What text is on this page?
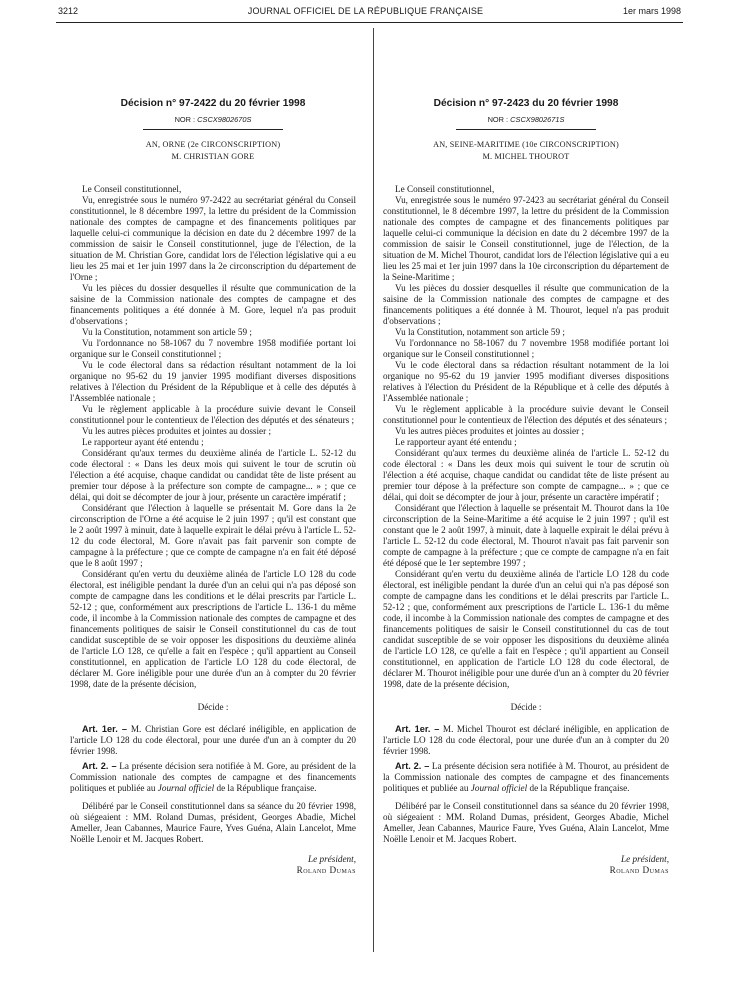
3212	JOURNAL OFFICIEL DE LA RÉPUBLIQUE FRANÇAISE	1er mars 1998
Décision n° 97-2422 du 20 février 1998
NOR : CSCX9802670S
AN, ORNE (2e CIRCONSCRIPTION)
M. CHRISTIAN GORE

Le Conseil constitutionnel,

Vu, enregistrée sous le numéro 97-2422 au secrétariat général du Conseil constitutionnel, le 8 décembre 1997, la lettre du président de la Commission nationale des comptes de campagne et des financements politiques par laquelle celui-ci communique la décision en date du 2 décembre 1997 de la commission de saisir le Conseil constitutionnel, juge de l'élection, de la situation de M. Christian Gore, candidat lors de l'élection législative qui a eu lieu les 25 mai et 1er juin 1997 dans la 2e circonscription du département de l'Orne ;

Vu les pièces du dossier desquelles il résulte que communication de la saisine de la Commission nationale des comptes de campagne et des financements politiques a été donnée à M. Gore, lequel n'a pas produit d'observations ;

Vu la Constitution, notamment son article 59 ;

Vu l'ordonnance no 58-1067 du 7 novembre 1958 modifiée portant loi organique sur le Conseil constitutionnel ;

Vu le code électoral dans sa rédaction résultant notamment de la loi organique no 95-62 du 19 janvier 1995 modifiant diverses dispositions relatives à l'élection du Président de la République et à celle des députés à l'Assemblée nationale ;

Vu le règlement applicable à la procédure suivie devant le Conseil constitutionnel pour le contentieux de l'élection des députés et des sénateurs ;

Vu les autres pièces produites et jointes au dossier ;

Le rapporteur ayant été entendu ;

Considérant qu'aux termes du deuxième alinéa de l'article L. 52-12 du code électoral : « Dans les deux mois qui suivent le tour de scrutin où l'élection a été acquise, chaque candidat ou candidat tête de liste présent au premier tour dépose à la préfecture son compte de campagne... » ; que ce délai, qui doit se décompter de jour à jour, présente un caractère impératif ;

Considérant que l'élection à laquelle se présentait M. Gore dans la 2e circonscription de l'Orne a été acquise le 2 juin 1997 ; qu'il est constant que le 2 août 1997 à minuit, date à laquelle expirait le délai prévu à l'article L. 52-12 du code électoral, M. Gore n'avait pas fait parvenir son compte de campagne à la préfecture ; que ce compte de campagne n'a en fait été déposé que le 8 août 1997 ;

Considérant qu'en vertu du deuxième alinéa de l'article LO 128 du code électoral, est inéligible pendant la durée d'un an celui qui n'a pas déposé son compte de campagne dans les conditions et le délai prescrits par l'article L. 52-12 ; que, conformément aux prescriptions de l'article L. 136-1 du même code, il incombe à la Commission nationale des comptes de campagne et des financements politiques de saisir le Conseil constitutionnel du cas de tout candidat susceptible de se voir opposer les dispositions du deuxième alinéa de l'article LO 128, ce qu'elle a fait en l'espèce ; qu'il appartient au Conseil constitutionnel, en application de l'article LO 128 du code électoral, de déclarer M. Gore inéligible pour une durée d'un an à compter du 20 février 1998, date de la présente décision,

Décide :

Art. 1er. – M. Christian Gore est déclaré inéligible, en application de l'article LO 128 du code électoral, pour une durée d'un an à compter du 20 février 1998.

Art. 2. – La présente décision sera notifiée à M. Gore, au président de la Commission nationale des comptes de campagne et des financements politiques et publiée au Journal officiel de la République française.

Délibéré par le Conseil constitutionnel dans sa séance du 20 février 1998, où siégeaient : MM. Roland Dumas, président, Georges Abadie, Michel Ameller, Jean Cabannes, Maurice Faure, Yves Guéna, Alain Lancelot, Mme Noëlle Lenoir et M. Jacques Robert.

Le président,
Roland Dumas
Décision n° 97-2423 du 20 février 1998
NOR : CSCX9802671S
AN, SEINE-MARITIME (10e CIRCONSCRIPTION)
M. MICHEL THOUROT

Le Conseil constitutionnel,

Vu, enregistrée sous le numéro 97-2423 au secrétariat général du Conseil constitutionnel, le 8 décembre 1997, la lettre du président de la Commission nationale des comptes de campagne et des financements politiques par laquelle celui-ci communique la décision en date du 2 décembre 1997 de la commission de saisir le Conseil constitutionnel, juge de l'élection, de la situation de M. Michel Thourot, candidat lors de l'élection législative qui a eu lieu les 25 mai et 1er juin 1997 dans la 10e circonscription du département de la Seine-Maritime ;

Vu les pièces du dossier desquelles il résulte que communication de la saisine de la Commission nationale des comptes de campagne et des financements politiques a été donnée à M. Thourot, lequel n'a pas produit d'observations ;

Vu la Constitution, notamment son article 59 ;

Vu l'ordonnance no 58-1067 du 7 novembre 1958 modifiée portant loi organique sur le Conseil constitutionnel ;

Vu le code électoral dans sa rédaction résultant notamment de la loi organique no 95-62 du 19 janvier 1995 modifiant diverses dispositions relatives à l'élection du Président de la République et à celle des députés à l'Assemblée nationale ;

Vu le règlement applicable à la procédure suivie devant le Conseil constitutionnel pour le contentieux de l'élection des députés et des sénateurs ;

Vu les autres pièces produites et jointes au dossier ;

Le rapporteur ayant été entendu ;

Considérant qu'aux termes du deuxième alinéa de l'article L. 52-12 du code électoral : « Dans les deux mois qui suivent le tour de scrutin où l'élection a été acquise, chaque candidat ou candidat tête de liste présent au premier tour dépose à la préfecture son compte de campagne... » ; que ce délai, qui doit se décompter de jour à jour, présente un caractère impératif ;

Considérant que l'élection à laquelle se présentait M. Thourot dans la 10e circonscription de la Seine-Maritime a été acquise le 2 juin 1997 ; qu'il est constant que le 2 août 1997, à minuit, date à laquelle expirait le délai prévu à l'article L. 52-12 du code électoral, M. Thourot n'avait pas fait parvenir son compte de campagne à la préfecture ; que ce compte de campagne n'a en fait été déposé que le 1er septembre 1997 ;

Considérant qu'en vertu du deuxième alinéa de l'article LO 128 du code électoral, est inéligible pendant la durée d'un an celui qui n'a pas déposé son compte de campagne dans les conditions et le délai prescrits par l'article L. 52-12 ; que, conformément aux prescriptions de l'article L. 136-1 du même code, il incombe à la Commission nationale des comptes de campagne et des financements politiques de saisir le Conseil constitutionnel du cas de tout candidat susceptible de se voir opposer les dispositions du deuxième alinéa de l'article LO 128, ce qu'elle a fait en l'espèce ; qu'il appartient au Conseil constitutionnel, en application de l'article LO 128 du code électoral, de déclarer M. Thourot inéligible pour une durée d'un an à compter du 20 février 1998, date de la présente décision,

Décide :

Art. 1er. – M. Michel Thourot est déclaré inéligible, en application de l'article LO 128 du code électoral, pour une durée d'un an à compter du 20 février 1998.

Art. 2. – La présente décision sera notifiée à M. Thourot, au président de la Commission nationale des comptes de campagne et des financements politiques et publiée au Journal officiel de la République française.

Délibéré par le Conseil constitutionnel dans sa séance du 20 février 1998, où siégeaient : MM. Roland Dumas, président, Georges Abadie, Michel Ameller, Jean Cabannes, Maurice Faure, Yves Guéna, Alain Lancelot, Mme Noëlle Lenoir et M. Jacques Robert.

Le président,
Roland Dumas
